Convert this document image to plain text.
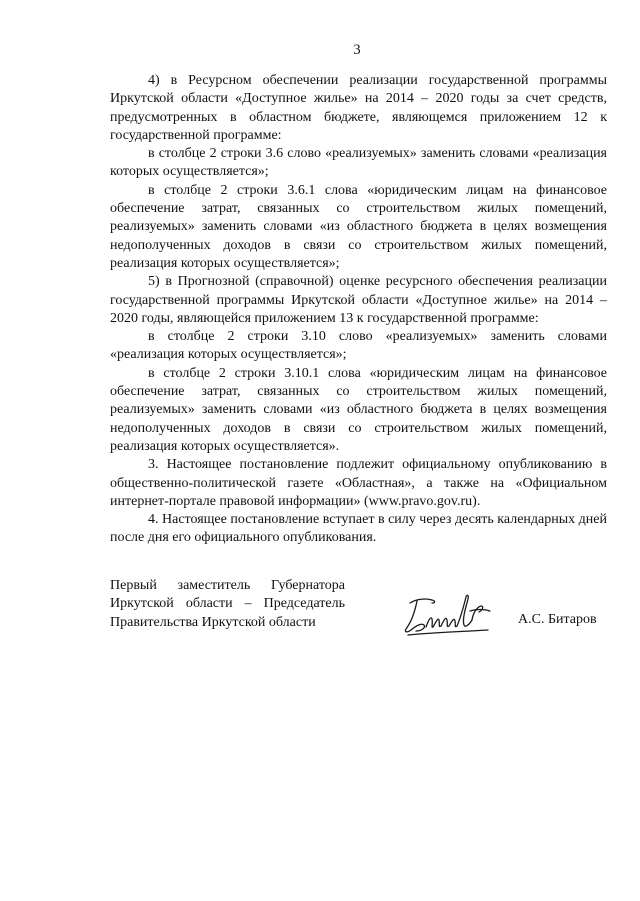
3

4) в Ресурсном обеспечении реализации государственной программы Иркутской области «Доступное жилье» на 2014 – 2020 годы за счет средств, предусмотренных в областном бюджете, являющемся приложением 12 к государственной программе:

в столбце 2 строки 3.6 слово «реализуемых» заменить словами «реализация которых осуществляется»;

в столбце 2 строки 3.6.1 слова «юридическим лицам на финансовое обеспечение затрат, связанных со строительством жилых помещений, реализуемых» заменить словами «из областного бюджета в целях возмещения недополученных доходов в связи со строительством жилых помещений, реализация которых осуществляется»;

5) в Прогнозной (справочной) оценке ресурсного обеспечения реализации государственной программы Иркутской области «Доступное жилье» на 2014 – 2020 годы, являющейся приложением 13 к государственной программе:

в столбце 2 строки 3.10 слово «реализуемых» заменить словами «реализация которых осуществляется»;

в столбце 2 строки 3.10.1 слова «юридическим лицам на финансовое обеспечение затрат, связанных со строительством жилых помещений, реализуемых» заменить словами «из областного бюджета в целях возмещения недополученных доходов в связи со строительством жилых помещений, реализация которых осуществляется».

3. Настоящее постановление подлежит официальному опубликованию в общественно-политической газете «Областная», а также на «Официальном интернет-портале правовой информации» (www.pravo.gov.ru).

4. Настоящее постановление вступает в силу через десять календарных дней после дня его официального опубликования.

Первый заместитель Губернатора
Иркутской области – Председатель
Правительства Иркутской области	А.С. Битаров
